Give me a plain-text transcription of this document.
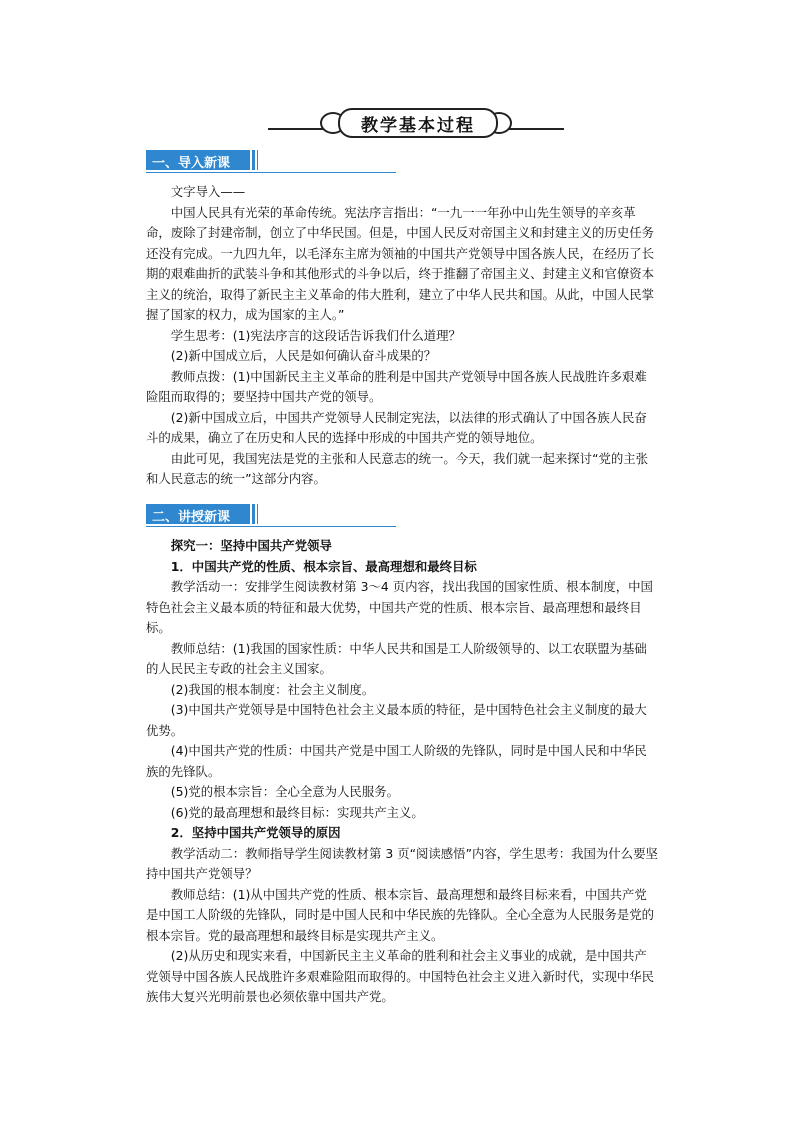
教学基本过程
一、导入新课

文字导入——

中国人民具有光荣的革命传统。宪法序言指出：“一九一一年孙中山先生领导的辛亥革命，废除了封建帝制，创立了中华民国。但是，中国人民反对帝国主义和封建主义的历史任务还没有完成。一九四九年，以毛泽东主席为领袖的中国共产党领导中国各族人民，在经历了长期的艰难曲折的武装斗争和其他形式的斗争以后，终于推翻了帝国主义、封建主义和官僚资本主义的统治，取得了新民主主义革命的伟大胜利，建立了中华人民共和国。从此，中国人民掌握了国家的权力，成为国家的主人。”

学生思考：(1)宪法序言的这段话告诉我们什么道理？

(2)新中国成立后，人民是如何确认奋斗成果的？

教师点拨：(1)中国新民主主义革命的胜利是中国共产党领导中国各族人民战胜许多艰难险阻而取得的；要坚持中国共产党的领导。

(2)新中国成立后，中国共产党领导人民制定宪法，以法律的形式确认了中国各族人民奋斗的成果，确立了在历史和人民的选择中形成的中国共产党的领导地位。

由此可见，我国宪法是党的主张和人民意志的统一。今天，我们就一起来探讨“党的主张和人民意志的统一”这部分内容。

二、讲授新课

探究一：坚持中国共产党领导

1．中国共产党的性质、根本宗旨、最高理想和最终目标

教学活动一：安排学生阅读教材第 3～4 页内容，找出我国的国家性质、根本制度，中国特色社会主义最本质的特征和最大优势，中国共产党的性质、根本宗旨、最高理想和最终目标。

教师总结：(1)我国的国家性质：中华人民共和国是工人阶级领导的、以工农联盟为基础的人民民主专政的社会主义国家。

(2)我国的根本制度：社会主义制度。

(3)中国共产党领导是中国特色社会主义最本质的特征，是中国特色社会主义制度的最大优势。

(4)中国共产党的性质：中国共产党是中国工人阶级的先锋队，同时是中国人民和中华民族的先锋队。

(5)党的根本宗旨：全心全意为人民服务。

(6)党的最高理想和最终目标：实现共产主义。

2．坚持中国共产党领导的原因

教学活动二：教师指导学生阅读教材第 3 页“阅读感悟”内容，学生思考：我国为什么要坚持中国共产党领导？

教师总结：(1)从中国共产党的性质、根本宗旨、最高理想和最终目标来看，中国共产党是中国工人阶级的先锋队，同时是中国人民和中华民族的先锋队。全心全意为人民服务是党的根本宗旨。党的最高理想和最终目标是实现共产主义。

(2)从历史和现实来看，中国新民主主义革命的胜利和社会主义事业的成就，是中国共产党领导中国各族人民战胜许多艰难险阻而取得的。中国特色社会主义进入新时代，实现中华民族伟大复兴光明前景也必须依靠中国共产党。
